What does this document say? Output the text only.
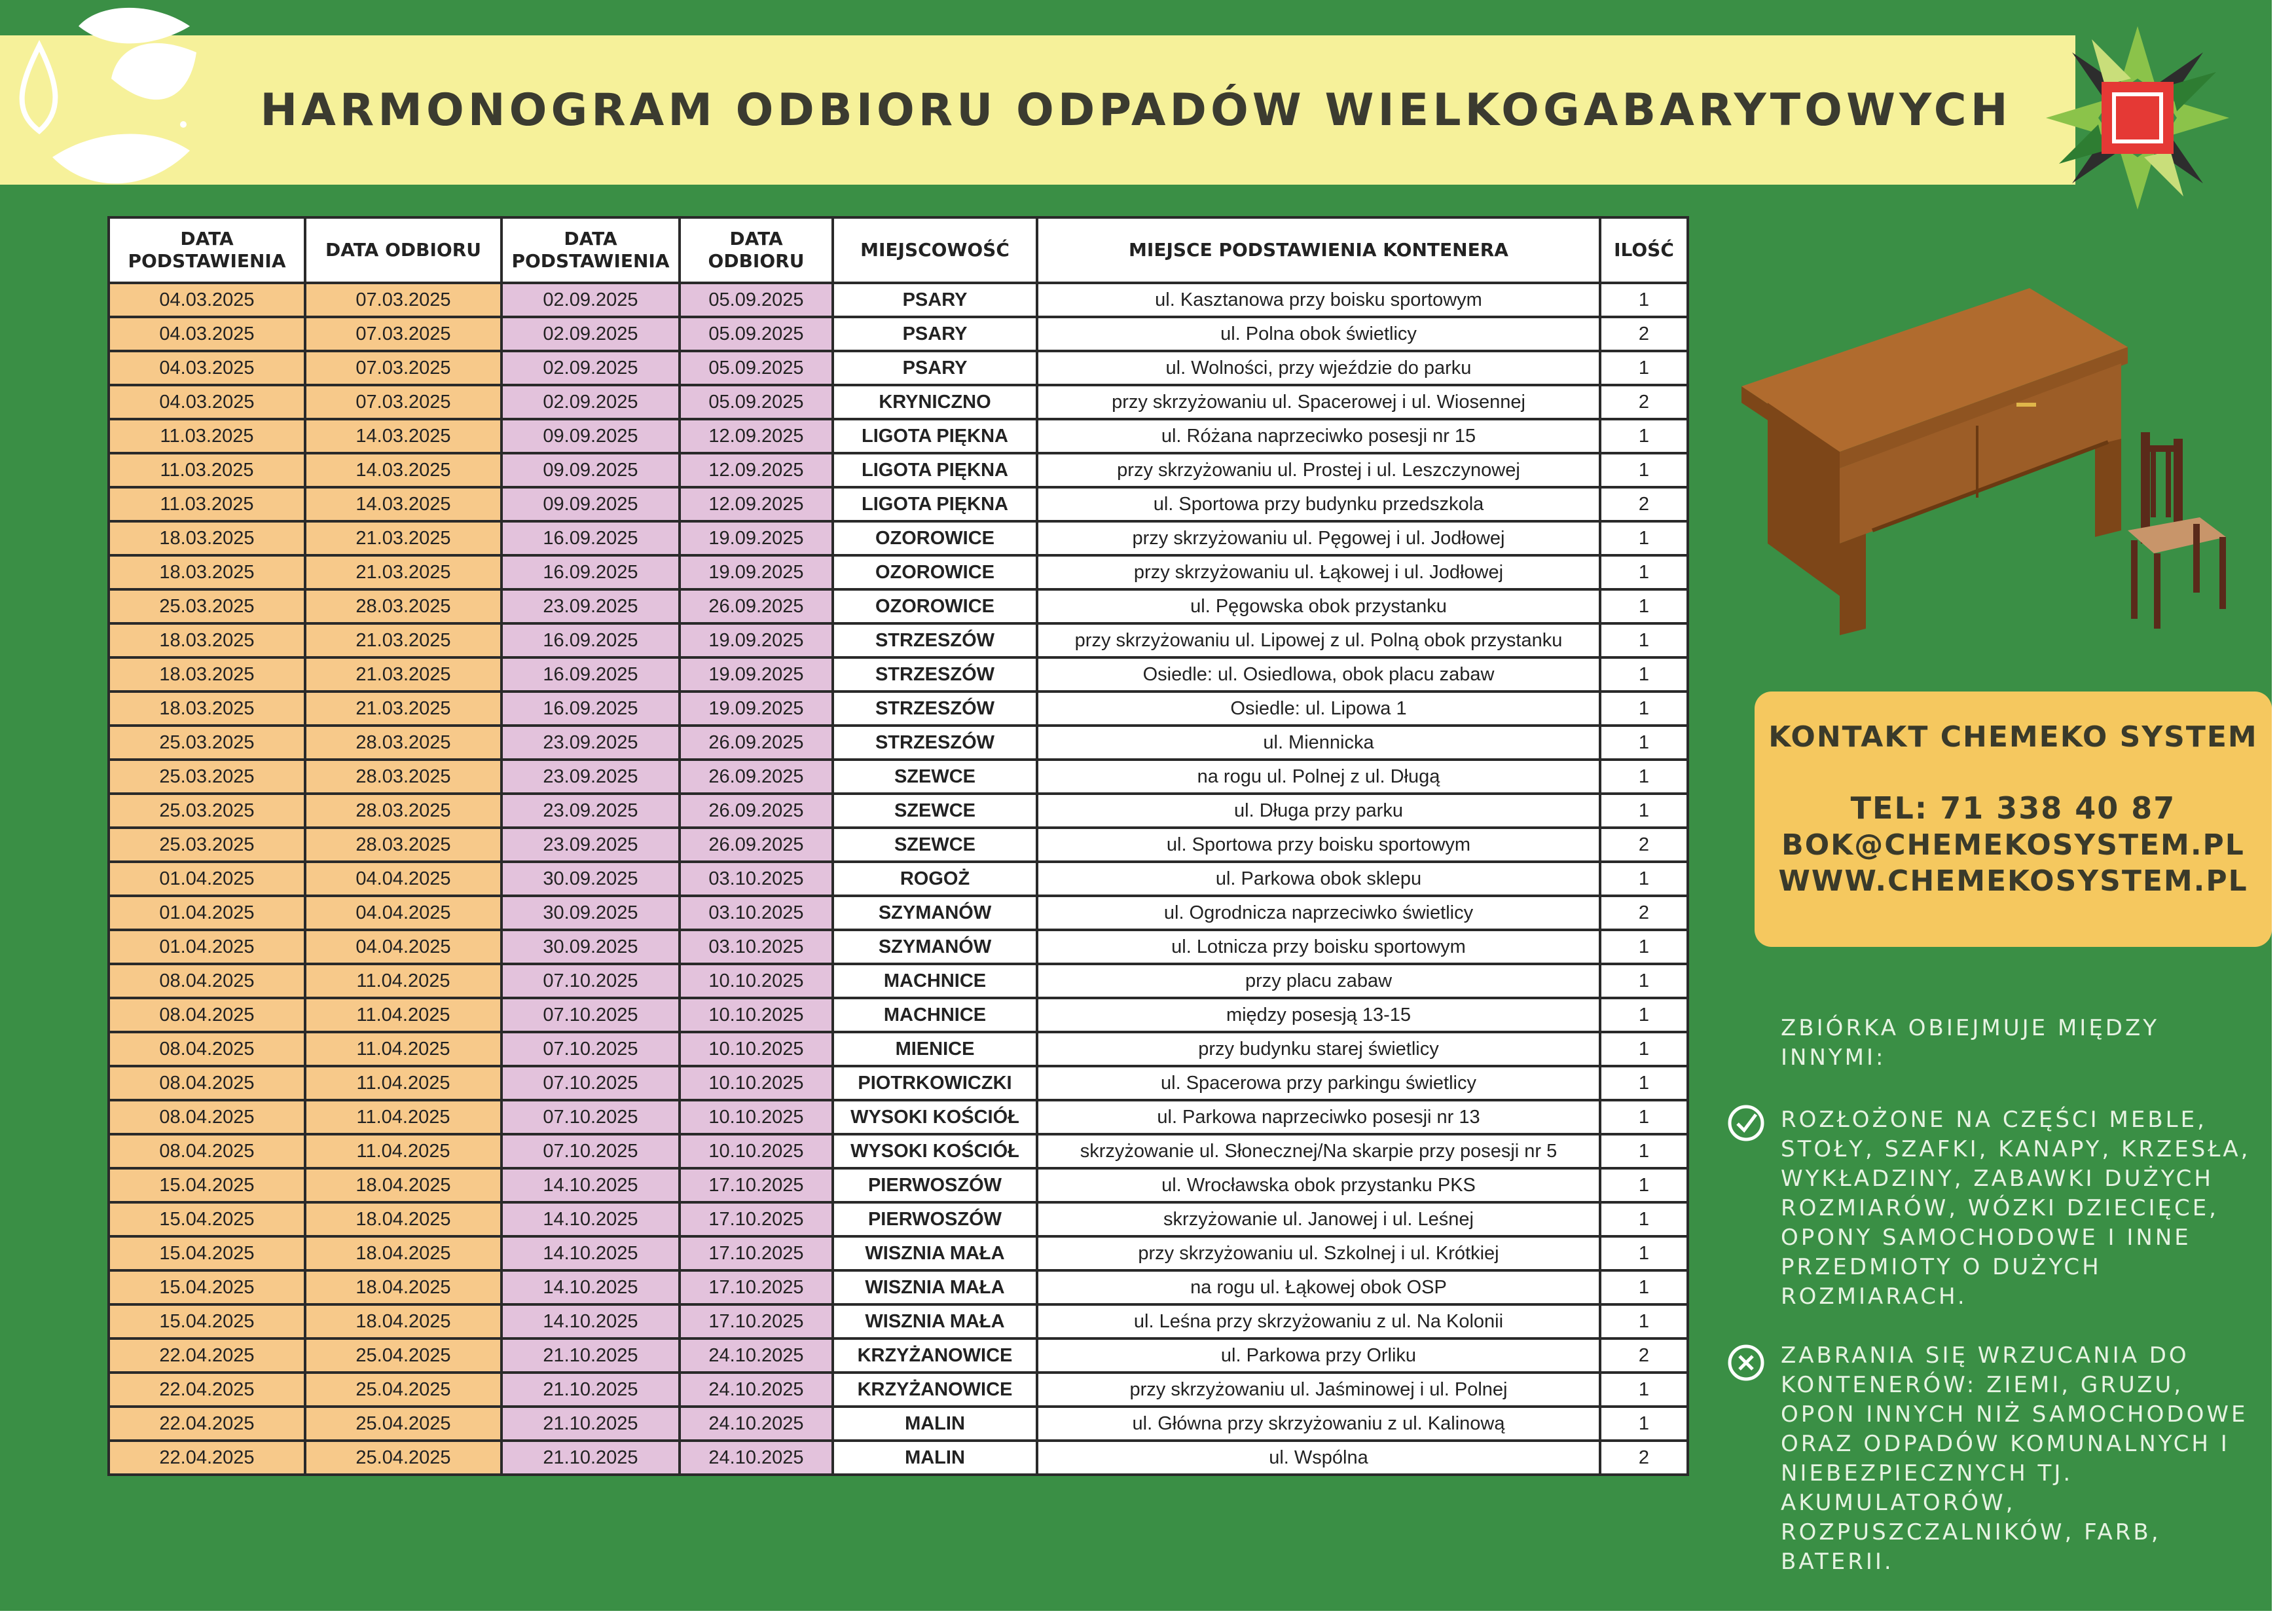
HARMONOGRAM ODBIORU ODPADÓW WIELKOGABARYTOWYCH
DATA PODSTAWIENIA	DATA ODBIORU	DATA PODSTAWIENIA	DATA ODBIORU	MIEJSCOWOŚĆ	MIEJSCE PODSTAWIENIA KONTENERA	ILOŚĆ
04.03.2025	07.03.2025	02.09.2025	05.09.2025	PSARY	ul. Kasztanowa przy boisku sportowym	1
04.03.2025	07.03.2025	02.09.2025	05.09.2025	PSARY	ul. Polna obok świetlicy	2
04.03.2025	07.03.2025	02.09.2025	05.09.2025	PSARY	ul. Wolności, przy wjeździe do parku	1
04.03.2025	07.03.2025	02.09.2025	05.09.2025	KRYNICZNO	przy skrzyżowaniu ul. Spacerowej i ul. Wiosennej	2
11.03.2025	14.03.2025	09.09.2025	12.09.2025	LIGOTA PIĘKNA	ul. Różana naprzeciwko posesji nr 15	1
11.03.2025	14.03.2025	09.09.2025	12.09.2025	LIGOTA PIĘKNA	przy skrzyżowaniu ul. Prostej i ul. Leszczynowej	1
11.03.2025	14.03.2025	09.09.2025	12.09.2025	LIGOTA PIĘKNA	ul. Sportowa przy budynku przedszkola	2
18.03.2025	21.03.2025	16.09.2025	19.09.2025	OZOROWICE	przy skrzyżowaniu ul. Pęgowej i ul. Jodłowej	1
18.03.2025	21.03.2025	16.09.2025	19.09.2025	OZOROWICE	przy skrzyżowaniu ul. Łąkowej i ul. Jodłowej	1
25.03.2025	28.03.2025	23.09.2025	26.09.2025	OZOROWICE	ul. Pęgowska obok przystanku	1
18.03.2025	21.03.2025	16.09.2025	19.09.2025	STRZESZÓW	przy skrzyżowaniu ul. Lipowej z ul. Polną obok przystanku	1
18.03.2025	21.03.2025	16.09.2025	19.09.2025	STRZESZÓW	Osiedle: ul. Osiedlowa, obok placu zabaw	1
18.03.2025	21.03.2025	16.09.2025	19.09.2025	STRZESZÓW	Osiedle: ul. Lipowa 1	1
25.03.2025	28.03.2025	23.09.2025	26.09.2025	STRZESZÓW	ul. Miennicka	1
25.03.2025	28.03.2025	23.09.2025	26.09.2025	SZEWCE	na rogu ul. Polnej z ul. Długą	1
25.03.2025	28.03.2025	23.09.2025	26.09.2025	SZEWCE	ul. Długa przy parku	1
25.03.2025	28.03.2025	23.09.2025	26.09.2025	SZEWCE	ul. Sportowa przy boisku sportowym	2
01.04.2025	04.04.2025	30.09.2025	03.10.2025	ROGOŻ	ul. Parkowa obok sklepu	1
01.04.2025	04.04.2025	30.09.2025	03.10.2025	SZYMANÓW	ul. Ogrodnicza naprzeciwko świetlicy	2
01.04.2025	04.04.2025	30.09.2025	03.10.2025	SZYMANÓW	ul. Lotnicza przy boisku sportowym	1
08.04.2025	11.04.2025	07.10.2025	10.10.2025	MACHNICE	przy placu zabaw	1
08.04.2025	11.04.2025	07.10.2025	10.10.2025	MACHNICE	między posesją 13-15	1
08.04.2025	11.04.2025	07.10.2025	10.10.2025	MIENICE	przy budynku starej świetlicy	1
08.04.2025	11.04.2025	07.10.2025	10.10.2025	PIOTRKOWICZKI	ul. Spacerowa przy parkingu świetlicy	1
08.04.2025	11.04.2025	07.10.2025	10.10.2025	WYSOKI KOŚCIÓŁ	ul. Parkowa naprzeciwko posesji nr 13	1
08.04.2025	11.04.2025	07.10.2025	10.10.2025	WYSOKI KOŚCIÓŁ	skrzyżowanie ul. Słonecznej/Na skarpie przy posesji nr 5	1
15.04.2025	18.04.2025	14.10.2025	17.10.2025	PIERWOSZÓW	ul. Wrocławska obok przystanku PKS	1
15.04.2025	18.04.2025	14.10.2025	17.10.2025	PIERWOSZÓW	skrzyżowanie ul. Janowej i ul. Leśnej	1
15.04.2025	18.04.2025	14.10.2025	17.10.2025	WISZNIA MAŁA	przy skrzyżowaniu ul. Szkolnej i ul. Krótkiej	1
15.04.2025	18.04.2025	14.10.2025	17.10.2025	WISZNIA MAŁA	na rogu ul. Łąkowej obok OSP	1
15.04.2025	18.04.2025	14.10.2025	17.10.2025	WISZNIA MAŁA	ul. Leśna przy skrzyżowaniu z ul. Na Kolonii	1
22.04.2025	25.04.2025	21.10.2025	24.10.2025	KRZYŻANOWICE	ul. Parkowa przy Orliku	2
22.04.2025	25.04.2025	21.10.2025	24.10.2025	KRZYŻANOWICE	przy skrzyżowaniu ul. Jaśminowej i ul. Polnej	1
22.04.2025	25.04.2025	21.10.2025	24.10.2025	MALIN	ul. Główna przy skrzyżowaniu z ul. Kalinową	1
22.04.2025	25.04.2025	21.10.2025	24.10.2025	MALIN	ul. Wspólna	2
KONTAKT CHEMEKO SYSTEM
TEL: 71 338 40 87
BOK@CHEMEKOSYSTEM.PL
WWW.CHEMEKOSYSTEM.PL
ZBIÓRKA OBIEJMUJE MIĘDZY INNYMI:
ROZŁOŻONE NA CZĘŚCI MEBLE, STOŁY, SZAFKI, KANAPY, KRZESŁA, WYKŁADZINY, ZABAWKI DUŻYCH ROZMIARÓW, WÓZKI DZIECIĘCE, OPONY SAMOCHODOWE I INNE PRZEDMIOTY O DUŻYCH ROZMIARACH.
ZABRANIA SIĘ WRZUCANIA DO KONTENERÓW: ZIEMI, GRUZU, OPON INNYCH NIŻ SAMOCHODOWE ORAZ ODPADÓW KOMUNALNYCH I NIEBEZPIECZNYCH TJ. AKUMULATORÓW, ROZPUSZCZALNIKÓW, FARB, BATERII.
